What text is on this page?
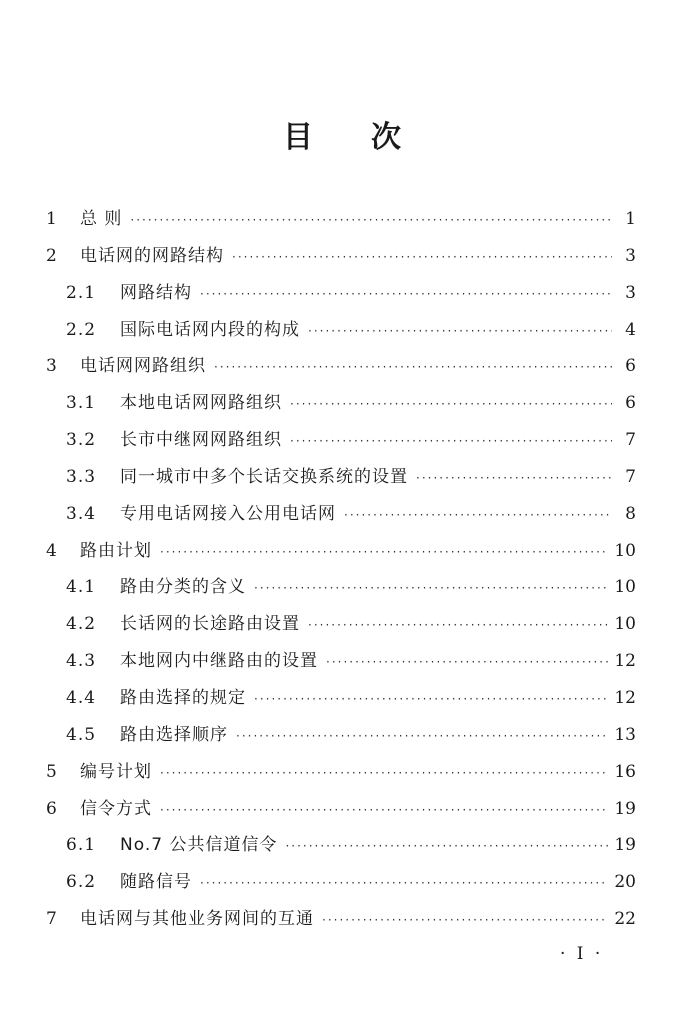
目 次
1	总 则 ·····	1
2	电话网的网路结构 ·····	3
2.1	网路结构 ·····	3
2.2	国际电话网内段的构成 ·····	4
3	电话网网路组织 ·····	6
3.1	本地电话网网路组织 ·····	6
3.2	长市中继网网路组织 ·····	7
3.3	同一城市中多个长话交换系统的设置 ·····	7
3.4	专用电话网接入公用电话网 ·····	8
4	路由计划 ·····	10
4.1	路由分类的含义 ·····	10
4.2	长话网的长途路由设置 ·····	10
4.3	本地网内中继路由的设置 ·····	12
4.4	路由选择的规定 ·····	12
4.5	路由选择顺序 ·····	13
5	编号计划 ·····	16
6	信令方式 ·····	19
6.1	No.7 公共信道信令 ·····	19
6.2	随路信号 ·····	20
7	电话网与其他业务网间的互通 ·····	22
· I ·
